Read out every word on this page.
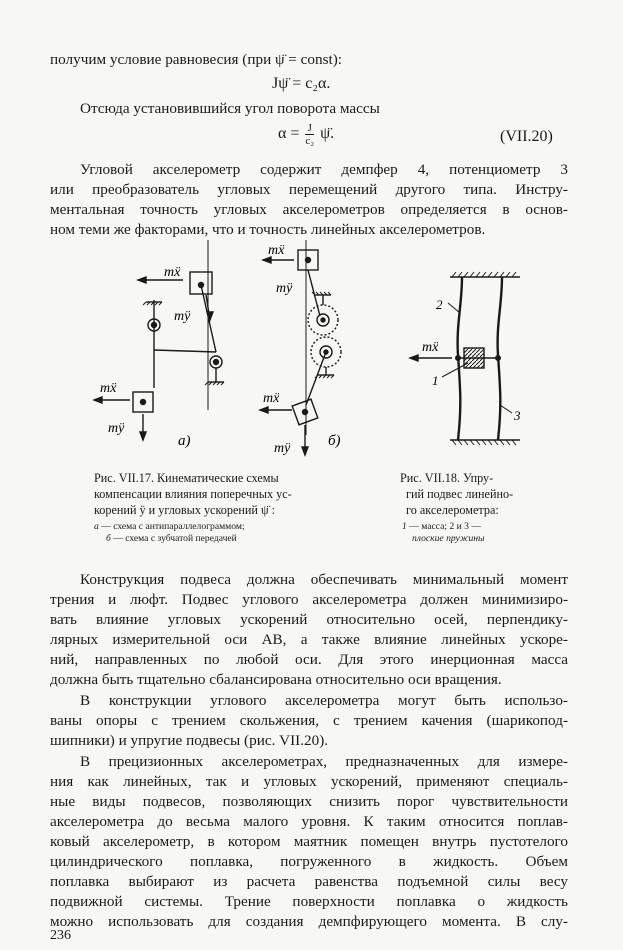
получим условие равновесия (при ψ̈ = const):
Jψ̈ = c₂α.
Отсюда установившийся угол поворота массы
$\alpha = \frac{J}{\text{c₂}}$ ψ̈.	(VII.20)
Угловой акселерометр содержит демпфер 4, потенциометр 3
или преобразователь угловых перемещений другого типа. Инстру-
ментальная точность угловых акселерометров определяется в основ-
ном теми же факторами, что и точность линейных акселерометров.
mẍ
mÿ
mẍ
mÿ
а)
mẍ
mÿ
mẍ
mÿ	б)
mẍ
1
2
3
Рис. VII.17. Кинематические схемы
компенсации влияния поперечных ус-
корений ÿ и угловых ускорений ψ̈ :
а — схема с антипараллелограммом;
б — схема с зубчатой передачей
Рис. VII.18. Упру-
гий подвес линейно-
го акселерометра:
1 — масса; 2 и 3 —
плоские пружины
Конструкция подвеса должна обеспечивать минимальный момент
трения и люфт. Подвес углового акселерометра должен минимизиро-
вать влияние угловых ускорений относительно осей, перпендику-
лярных измерительной оси AB, а также влияние линейных ускоре-
ний, направленных по любой оси. Для этого инерционная масса
должна быть тщательно сбалансирована относительно оси вращения.
В конструкции углового акселерометра могут быть использо-
ваны опоры с трением скольжения, с трением качения (шарикопод-
шипники) и упругие подвесы (рис. VII.20).
В прецизионных акселерометрах, предназначенных для измере-
ния как линейных, так и угловых ускорений, применяют специаль-
ные виды подвесов, позволяющих снизить порог чувствительности
акселерометра до весьма малого уровня. К таким относится поплав-
ковый акселерометр, в котором маятник помещен внутрь пустотелого
цилиндрического поплавка, погруженного в жидкость. Объем
поплавка выбирают из расчета равенства подъемной силы весу
подвижной системы. Трение поверхности поплавка о жидкость
можно использовать для создания демпфирующего момента. В слу-
236
